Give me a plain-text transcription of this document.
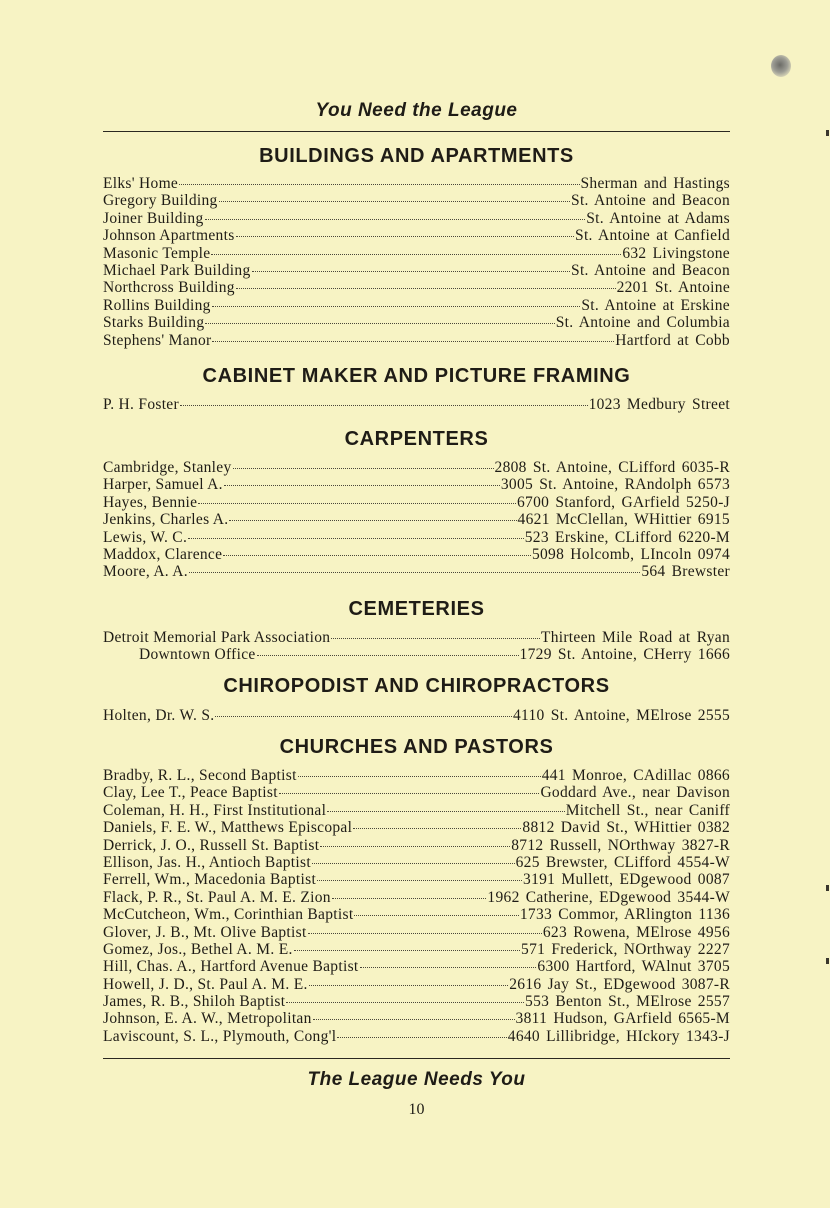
You Need the League
BUILDINGS AND APARTMENTS
Elks' Home	Sherman and Hastings
Gregory Building	St. Antoine and Beacon
Joiner Building	St. Antoine at Adams
Johnson Apartments	St. Antoine at Canfield
Masonic Temple	632 Livingstone
Michael Park Building	St. Antoine and Beacon
Northcross Building	2201 St. Antoine
Rollins Building	St. Antoine at Erskine
Starks Building	St. Antoine and Columbia
Stephens' Manor	Hartford at Cobb
CABINET MAKER AND PICTURE FRAMING
P. H. Foster	1023 Medbury Street
CARPENTERS
Cambridge, Stanley	2808 St. Antoine, CLifford 6035-R
Harper, Samuel A.	3005 St. Antoine, RAndolph 6573
Hayes, Bennie	6700 Stanford, GArfield 5250-J
Jenkins, Charles A.	4621 McClellan, WHittier 6915
Lewis, W. C.	523 Erskine, CLifford 6220-M
Maddox, Clarence	5098 Holcomb, LIncoln 0974
Moore, A. A.	564 Brewster
CEMETERIES
Detroit Memorial Park Association	Thirteen Mile Road at Ryan
Downtown Office	1729 St. Antoine, CHerry 1666
CHIROPODIST AND CHIROPRACTORS
Holten, Dr. W. S.	4110 St. Antoine, MElrose 2555
CHURCHES AND PASTORS
Bradby, R. L., Second Baptist	441 Monroe, CAdillac 0866
Clay, Lee T., Peace Baptist	Goddard Ave., near Davison
Coleman, H. H., First Institutional	Mitchell St., near Caniff
Daniels, F. E. W., Matthews Episcopal	8812 David St., WHittier 0382
Derrick, J. O., Russell St. Baptist	8712 Russell, NOrthway 3827-R
Ellison, Jas. H., Antioch Baptist	625 Brewster, CLifford 4554-W
Ferrell, Wm., Macedonia Baptist	3191 Mullett, EDgewood 0087
Flack, P. R., St. Paul A. M. E. Zion	1962 Catherine, EDgewood 3544-W
McCutcheon, Wm., Corinthian Baptist	1733 Commor, ARlington 1136
Glover, J. B., Mt. Olive Baptist	623 Rowena, MElrose 4956
Gomez, Jos., Bethel A. M. E.	571 Frederick, NOrthway 2227
Hill, Chas. A., Hartford Avenue Baptist	6300 Hartford, WAlnut 3705
Howell, J. D., St. Paul A. M. E.	2616 Jay St., EDgewood 3087-R
James, R. B., Shiloh Baptist	553 Benton St., MElrose 2557
Johnson, E. A. W., Metropolitan	3811 Hudson, GArfield 6565-M
Laviscount, S. L., Plymouth, Cong'l	4640 Lillibridge, HIckory 1343-J
The League Needs You
10
